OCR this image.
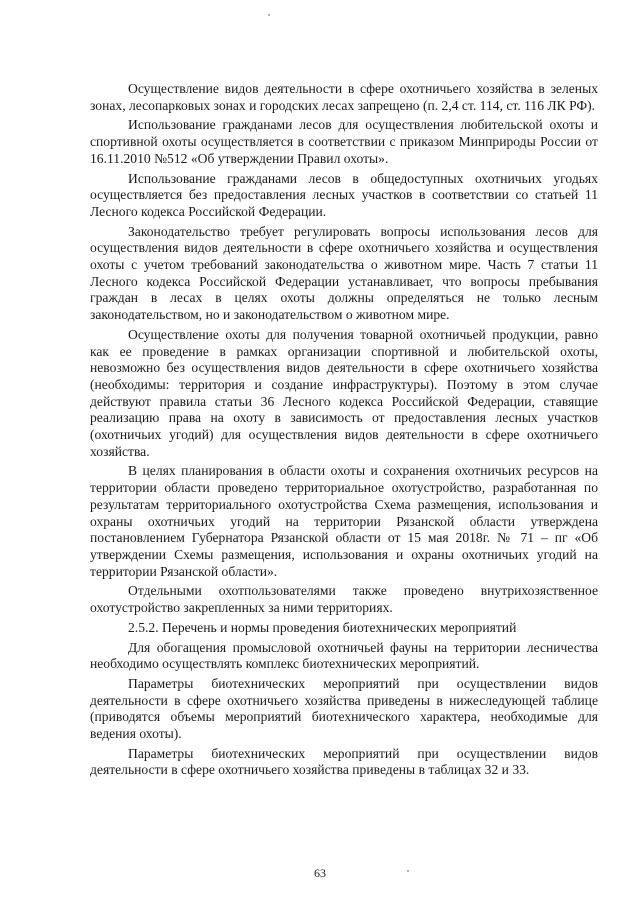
Осуществление видов деятельности в сфере охотничьего хозяйства в зеленых зонах, лесопарковых зонах и городских лесах запрещено (п. 2,4 ст. 114, ст. 116 ЛК РФ).

Использование гражданами лесов для осуществления любительской охоты и спортивной охоты осуществляется в соответствии с приказом Минприроды России от 16.11.2010 №512 «Об утверждении Правил охоты».

Использование гражданами лесов в общедоступных охотничьих угодьях осуществляется без предоставления лесных участков в соответствии со статьей 11 Лесного кодекса Российской Федерации.

Законодательство требует регулировать вопросы использования лесов для осуществления видов деятельности в сфере охотничьего хозяйства и осуществления охоты с учетом требований законодательства о животном мире. Часть 7 статьи 11 Лесного кодекса Российской Федерации устанавливает, что вопросы пребывания граждан в лесах в целях охоты должны определяться не только лесным законодательством, но и законодательством о животном мире.

Осуществление охоты для получения товарной охотничьей продукции, равно как ее проведение в рамках организации спортивной и любительской охоты, невозможно без осуществления видов деятельности в сфере охотничьего хозяйства (необходимы: территория и создание инфраструктуры). Поэтому в этом случае действуют правила статьи 36 Лесного кодекса Российской Федерации, ставящие реализацию права на охоту в зависимость от предоставления лесных участков (охотничьих угодий) для осуществления видов деятельности в сфере охотничьего хозяйства.

В целях планирования в области охоты и сохранения охотничьих ресурсов на территории области проведено территориальное охотустройство, разработанная по результатам территориального охотустройства Схема размещения, использования и охраны охотничьих угодий на территории Рязанской области утверждена постановлением Губернатора Рязанской области от 15 мая 2018г. № 71 – пг «Об утверждении Схемы размещения, использования и охраны охотничьих угодий на территории Рязанской области».

Отдельными охотпользователями также проведено внутрихозяственное охотустройство закрепленных за ними территориях.

2.5.2. Перечень и нормы проведения биотехнических мероприятий

Для обогащения промысловой охотничьей фауны на территории лесничества необходимо осуществлять комплекс биотехнических мероприятий.

Параметры биотехнических мероприятий при осуществлении видов деятельности в сфере охотничьего хозяйства приведены в нижеследующей таблице (приводятся объемы мероприятий биотехнического характера, необходимые для ведения охоты).

Параметры биотехнических мероприятий при осуществлении видов деятельности в сфере охотничьего хозяйства приведены в таблицах 32 и 33.

63
